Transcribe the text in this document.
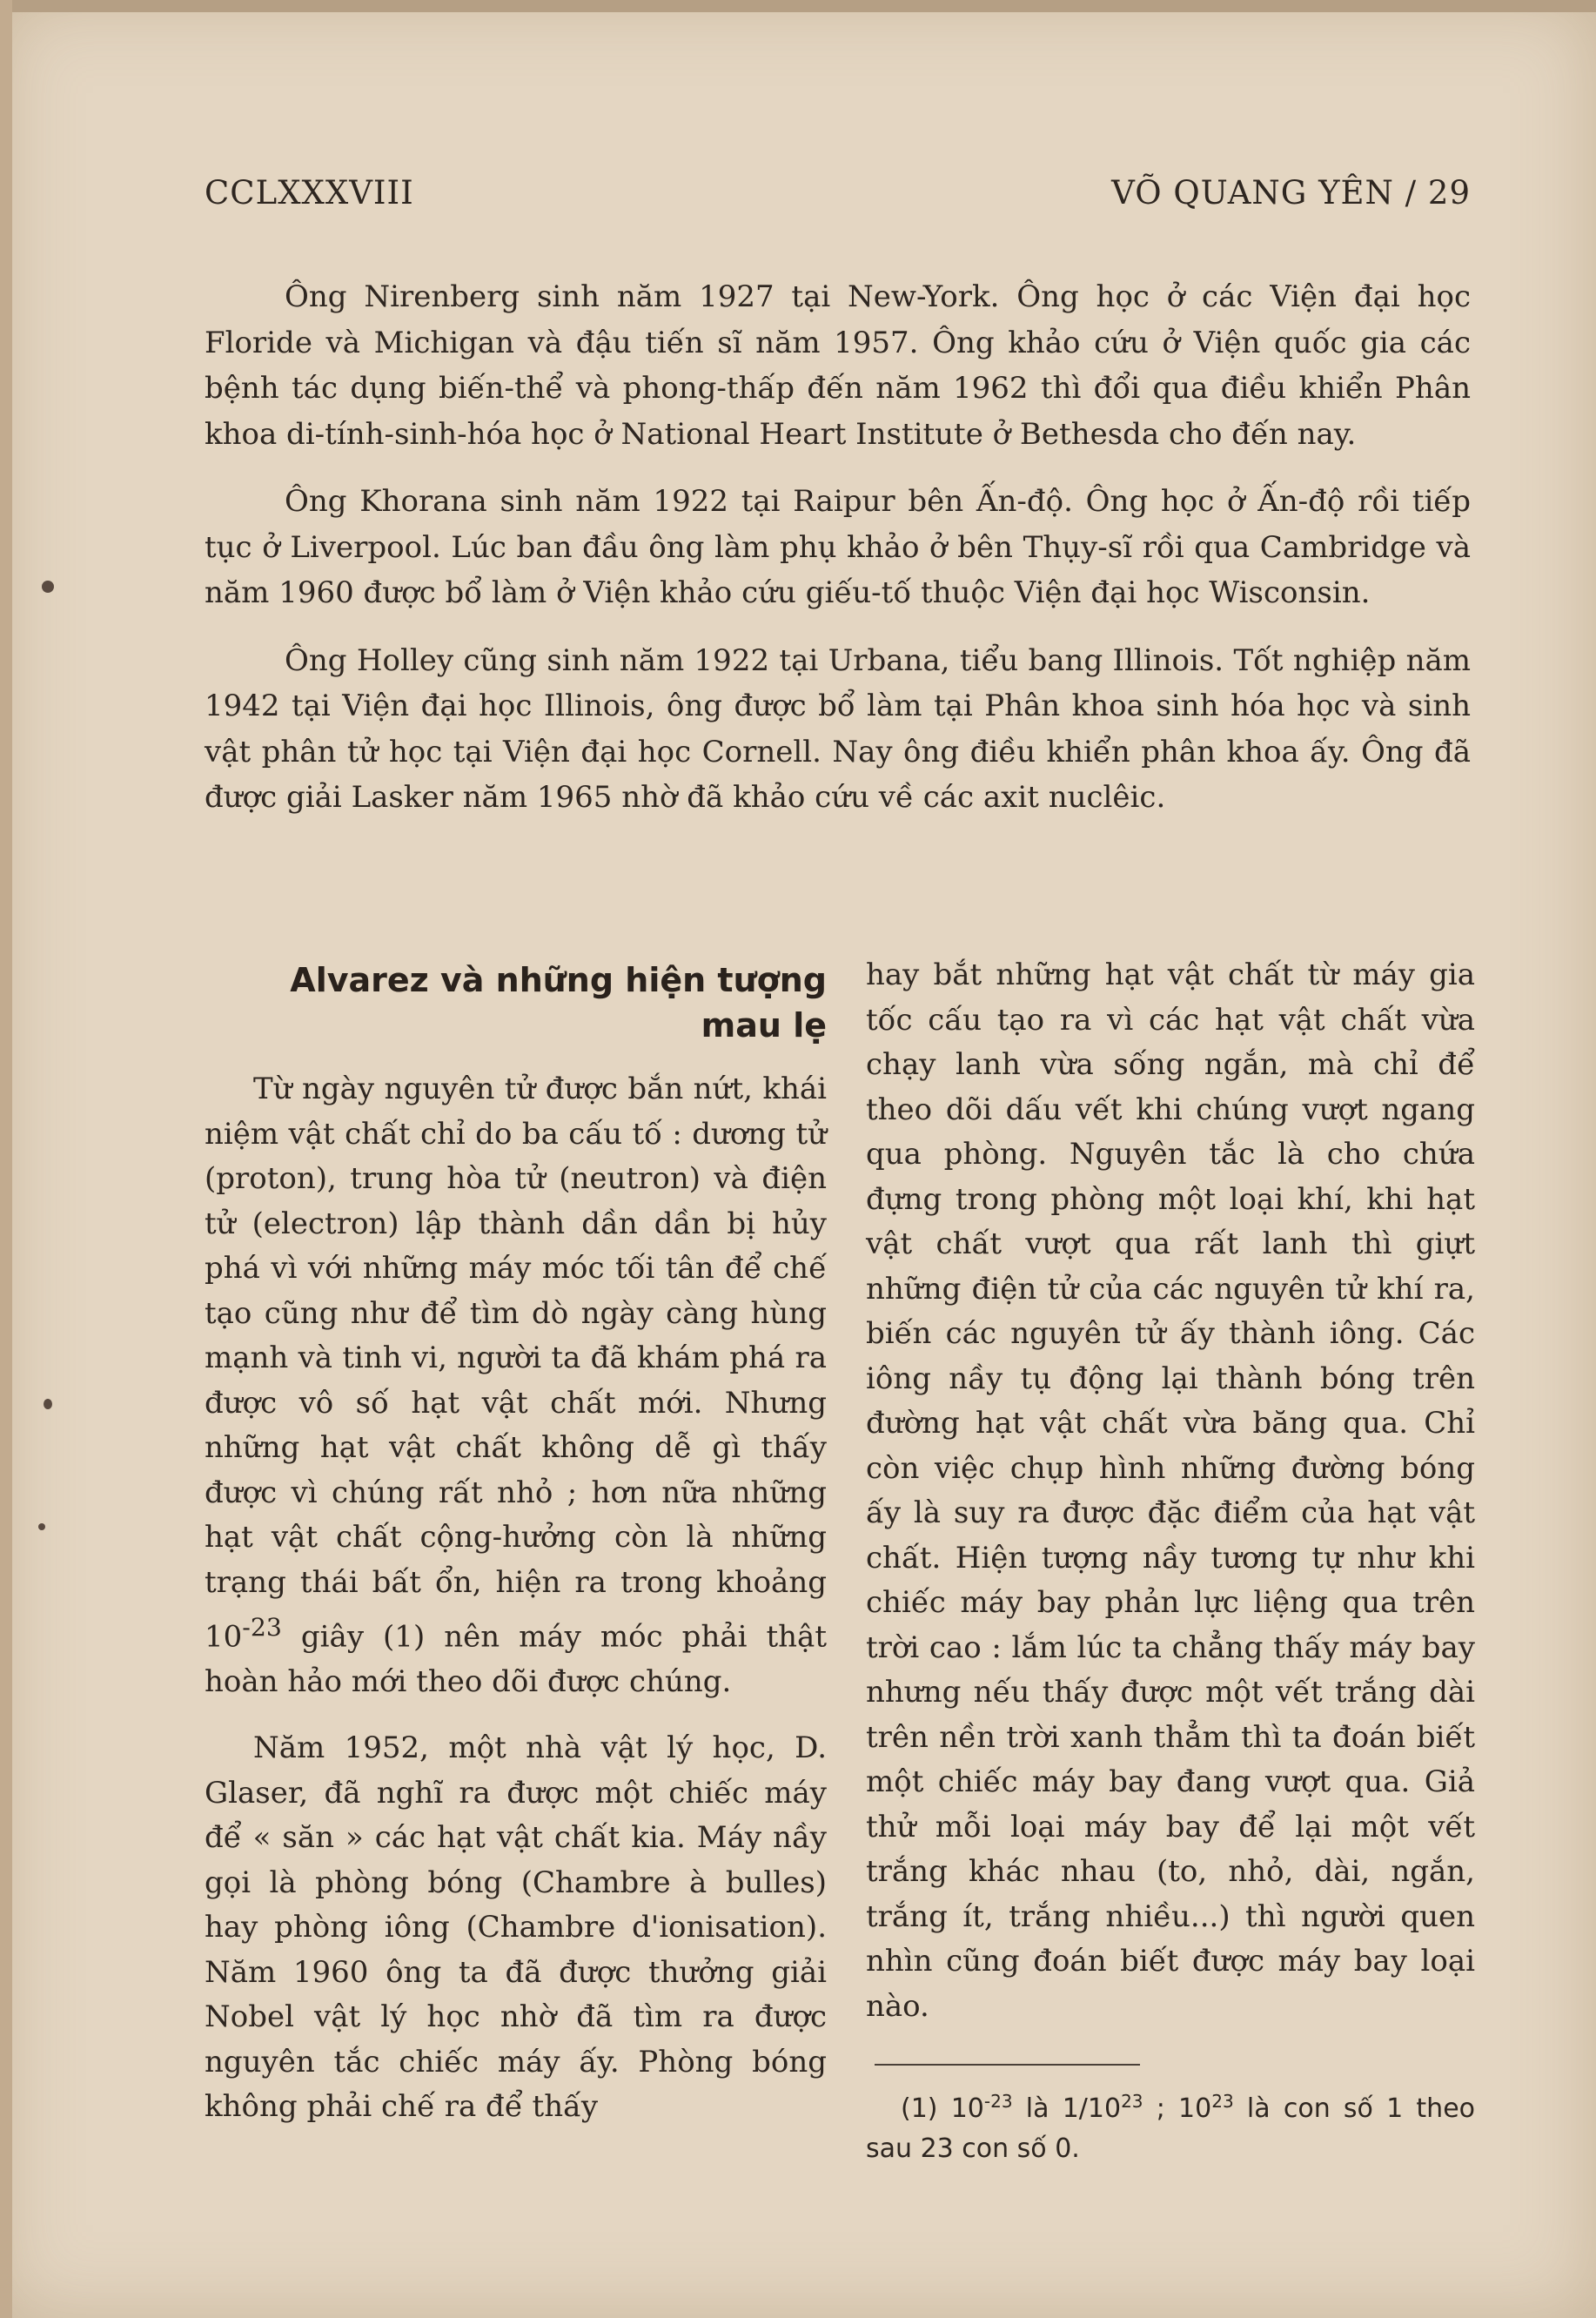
CCLXXXVIII	VÕ QUANG YÊN / 29

Ông Nirenberg sinh năm 1927 tại New-York. Ông học ở các Viện đại học Floride và Michigan và đậu tiến sĩ năm 1957. Ông khảo cứu ở Viện quốc gia các bệnh tác dụng biến-thể và phong-thấp đến năm 1962 thì đổi qua điều khiển Phân khoa di-tính-sinh-hóa học ở National Heart Institute ở Bethesda cho đến nay.

Ông Khorana sinh năm 1922 tại Raipur bên Ấn-độ. Ông học ở Ấn-độ rồi tiếp tục ở Liverpool. Lúc ban đầu ông làm phụ khảo ở bên Thụy-sĩ rồi qua Cambridge và năm 1960 được bổ làm ở Viện khảo cứu giếu-tố thuộc Viện đại học Wisconsin.

Ông Holley cũng sinh năm 1922 tại Urbana, tiểu bang Illinois. Tốt nghiệp năm 1942 tại Viện đại học Illinois, ông được bổ làm tại Phân khoa sinh hóa học và sinh vật phân tử học tại Viện đại học Cornell. Nay ông điều khiển phân khoa ấy. Ông đã được giải Lasker năm 1965 nhờ đã khảo cứu về các axit nuclêic.

Alvarez và những hiện tượng mau lẹ

Từ ngày nguyên tử được bắn nứt, khái niệm vật chất chỉ do ba cấu tố : dương tử (proton), trung hòa tử (neutron) và điện tử (electron) lập thành dần dần bị hủy phá vì với những máy móc tối tân để chế tạo cũng như để tìm dò ngày càng hùng mạnh và tinh vi, người ta đã khám phá ra được vô số hạt vật chất mới. Nhưng những hạt vật chất không dễ gì thấy được vì chúng rất nhỏ ; hơn nữa những hạt vật chất cộng-hưởng còn là những trạng thái bất ổn, hiện ra trong khoảng $10^{-23}$ giây (1) nên máy móc phải thật hoàn hảo mới theo dõi được chúng.

Năm 1952, một nhà vật lý học, D. Glaser, đã nghĩ ra được một chiếc máy để « săn » các hạt vật chất kia. Máy nầy gọi là phòng bóng (Chambre à bulles) hay phòng iông (Chambre d'ionisation). Năm 1960 ông ta đã được thưởng giải Nobel vật lý học nhờ đã tìm ra được nguyên tắc chiếc máy ấy. Phòng bóng không phải chế ra để thấy

hay bắt những hạt vật chất từ máy gia tốc cấu tạo ra vì các hạt vật chất vừa chạy lanh vừa sống ngắn, mà chỉ để theo dõi dấu vết khi chúng vượt ngang qua phòng. Nguyên tắc là cho chứa đựng trong phòng một loại khí, khi hạt vật chất vượt qua rất lanh thì giựt những điện tử của các nguyên tử khí ra, biến các nguyên tử ấy thành iông. Các iông nầy tụ động lại thành bóng trên đường hạt vật chất vừa băng qua. Chỉ còn việc chụp hình những đường bóng ấy là suy ra được đặc điểm của hạt vật chất. Hiện tượng nầy tương tự như khi chiếc máy bay phản lực liệng qua trên trời cao : lắm lúc ta chẳng thấy máy bay nhưng nếu thấy được một vết trắng dài trên nền trời xanh thẳm thì ta đoán biết một chiếc máy bay đang vượt qua. Giả thử mỗi loại máy bay để lại một vết trắng khác nhau (to, nhỏ, dài, ngắn, trắng ít, trắng nhiều...) thì người quen nhìn cũng đoán biết được máy bay loại nào.

(1) $10^{-23}$ là $1/10^{23}$ ; $10^{23}$ là con số 1 theo sau 23 con số 0.
